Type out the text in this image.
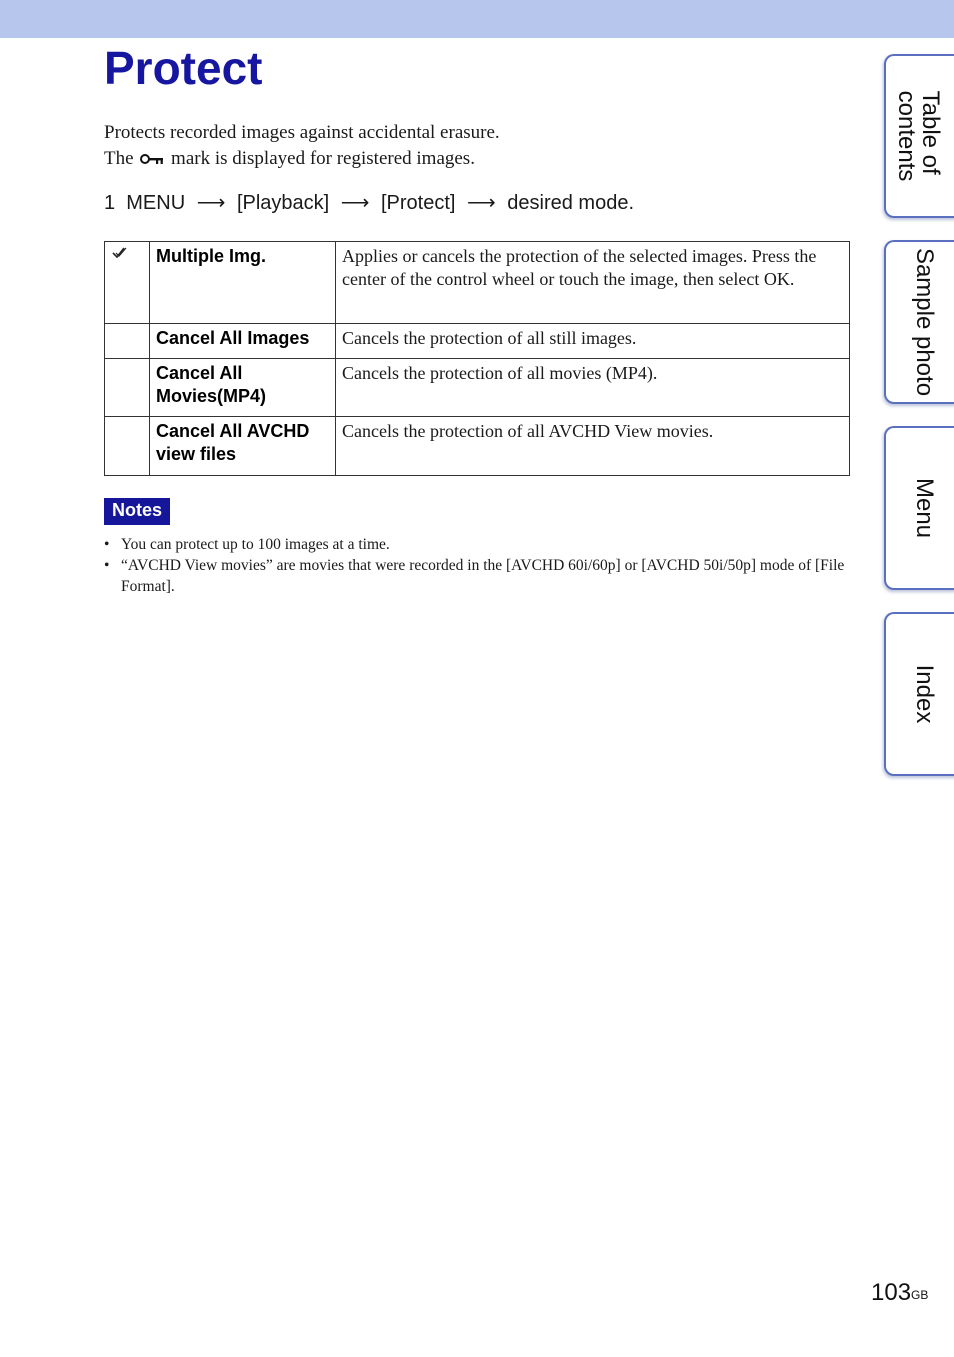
Protect
Protects recorded images against accidental erasure.
The mark is displayed for registered images.
1 MENU ⟶ [Playback] ⟶ [Protect] ⟶ desired mode.
	Multiple Img.	Applies or cancels the protection of the selected images. Press the center of the control wheel or touch the image, then select OK.
	Cancel All Images	Cancels the protection of all still images.
	Cancel All Movies(MP4)	Cancels the protection of all movies (MP4).
	Cancel All AVCHD view files	Cancels the protection of all AVCHD View movies.
Notes
• You can protect up to 100 images at a time.
• “AVCHD View movies” are movies that were recorded in the [AVCHD 60i/60p] or [AVCHD 50i/50p] mode of [File Format].
Table of
contents
Sample photo
Menu
Index
$103^{GB}$
